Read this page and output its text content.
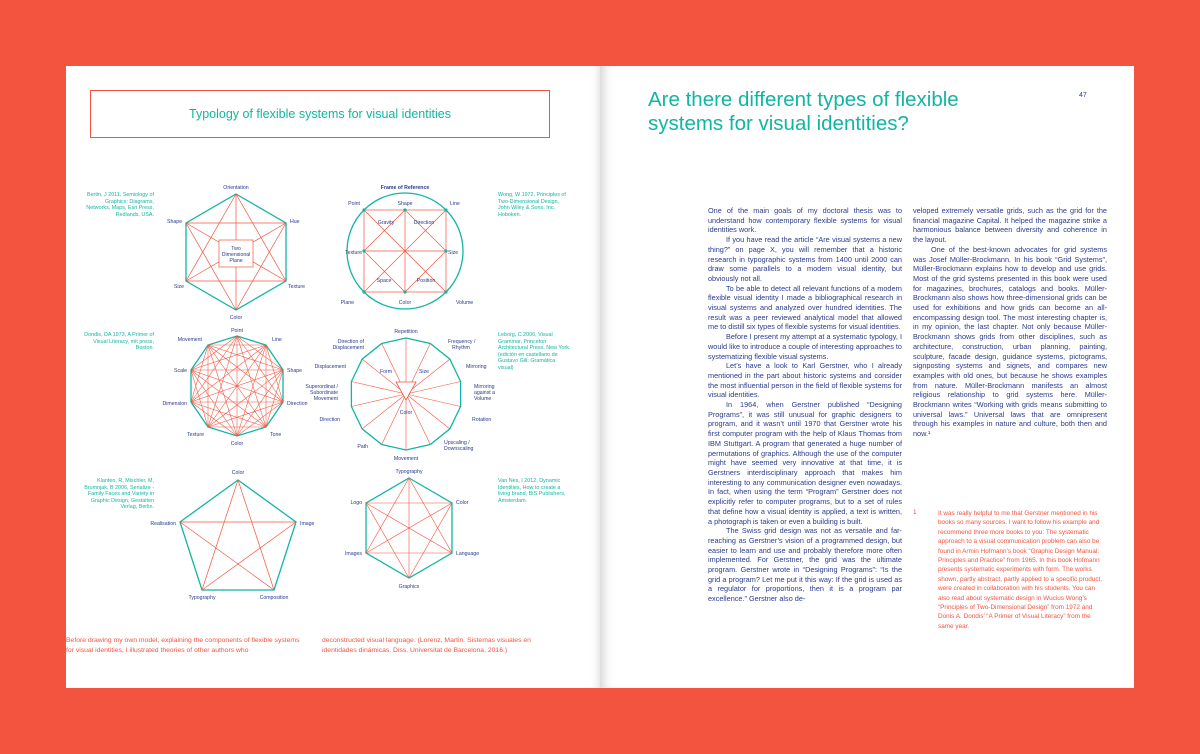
Typology of flexible systems for visual identities
Bertin, J 2011, Semiology of Graphics: Diagrams, Networks, Maps, Esri Press, Redlands, USA.
Two
Dimensional
Plane
Orientation
Shape	Hue
Size	Texture
Color
Frame of Reference
Point	Shape	Line
Gravity	Direction
Texture	Size
Space	Position
Plane	Color	Volume
Wong, W 1972, Principles of Two-Dimensional Design, John Wiley & Sons, Inc, Hoboken.
Dondis, DA 1973, A Primer of Visual Literacy, mit press, Boston.
Point
Movement	Line
Scale	Shape
Dimension	Direction
Texture	Tone
Color
Repetition
Direction of
Displacement
Frequency /
Rhythm
Displacement
Form	Size
Mirroring
Superordinat /
Subordinate
Movement
Mirroring
against a
Volume
Color
Direction	Rotation
Path
Movement
Upscaling /
Downscaling
Leborg, C 2006, Visual Grammar, Princeton Architectural Press, New York. (edición en castellano de Gustavo Gili: Gramática visual)
Klanten, R, Mischler, M, Brumnjak, B 2006, Serialize - Family Faces and Variety in Graphic Design, Gestalten Verlag, Berlin.
Color
Realisation	Image
Typography	Composition
Typography
Logo	Color
Images	Language
Graphics
Van Nes, I 2012, Dynamic Identities, How to create a living brand, BIS Publishers, Amsterdam.
Before drawing my own model, explaining the components of flexible systems for visual identities, I illustrated theories of other authors who
deconstructed visual language. (Lorenz, Martin. Sistemas visuales en identidades dinámicas. Diss. Universitat de Barcelona, 2016.)
Are there different types of flexible systems for visual identities?
47

One of the main goals of my doctoral thesis was to understand how contemporary flexible systems for visual identities work.

If you have read the article “Are visual systems a new thing?” on page X, you will remember that a historic research in typographic systems from 1400 until 2000 can draw some parallels to a modern visual identity, but obviously not all.

To be able to detect all relevant functions of a modern flexible visual identity I made a bibliographical research in visual systems and analyzed over hundred identities. The result was a peer reviewed analytical model that allowed me to distill six types of flexible systems for visual identities.

Before I present my attempt at a systematic typology, I would like to introduce a couple of interesting approaches to systematizing flexible visual systems.

Let’s have a look to Karl Gerstner, who I already mentioned in the part about historic systems and consider the most influential person in the field of flexible systems for visual identities.

In 1964, when Gerstner published “Designing Programs”, it was still unusual for graphic designers to program, and it wasn’t until 1970 that Gerstner wrote his first computer program with the help of Klaus Thomas from IBM Stuttgart. A program that generated a huge number of permutations of graphics. Although the use of the computer might have seemed very innovative at that time, it is Gerstners interdisciplinary approach that makes him interesting to any communication designer even nowadays. In fact, when using the term “Program” Gerstner does not explicitly refer to computer programs, but to a set of rules that define how a visual identity is applied, a text is written, a photograph is taken or even a building is built.

The Swiss grid design was not as versatile and far-reaching as Gerstner’s vision of a programmed design, but easier to learn and use and probably therefore more often implemented. For Gerstner, the grid was the ultimate program. Gerstner wrote in “Designing Programs”: “Is the grid a program? Let me put it this way: If the grid is used as a regulator for proportions, then it is a program par excellence.” Gerstner also de-

veloped extremely versatile grids, such as the grid for the financial magazine Capital. It helped the magazine strike a harmonious balance between diversity and coherence in the layout.

One of the best-known advocates for grid systems was Josef Müller-Brockmann. In his book “Grid Systems”, Müller-Brockmann explains how to develop and use grids. Most of the grid systems presented in this book were used for magazines, brochures, catalogs and books. Müller-Brockmann also shows how three-dimensional grids can be used for exhibitions and how grids can become an all-encompassing design tool. The most interesting chapter is, in my opinion, the last chapter. Not only because Müller-Brockmann shows grids from other disciplines, such as architecture, construction, urban planning, painting, sculpture, facade design, guidance systems, pictograms, signposting systems and signets, and compares new examples with old ones, but because he shows examples from nature. Müller-Brockmann manifests an almost religious relationship to grid systems here. Müller-Brockmann writes “Working with grids means submitting to universal laws.” Universal laws that are omnipresent through his examples in nature and culture, both then and now.¹

1	It was really helpful to me that Gerstner mentioned in his books so many sources. I want to follow his example and recommend three more books to you: The systematic approach to a visual communication problem can also be found in Armin Hofmann’s book “Graphic Design Manual: Principles and Practice” from 1965. In this book Hofmann presents systematic experiments with form. The works shown, partly abstract, partly applied to a specific product, were created in collaboration with his students. You can also read about systematic design in Wucius Wong’s “Principles of Two-Dimensional Design” from 1972 and Donis A. Dondis’ “A Primer of Visual Literacy” from the same year.
